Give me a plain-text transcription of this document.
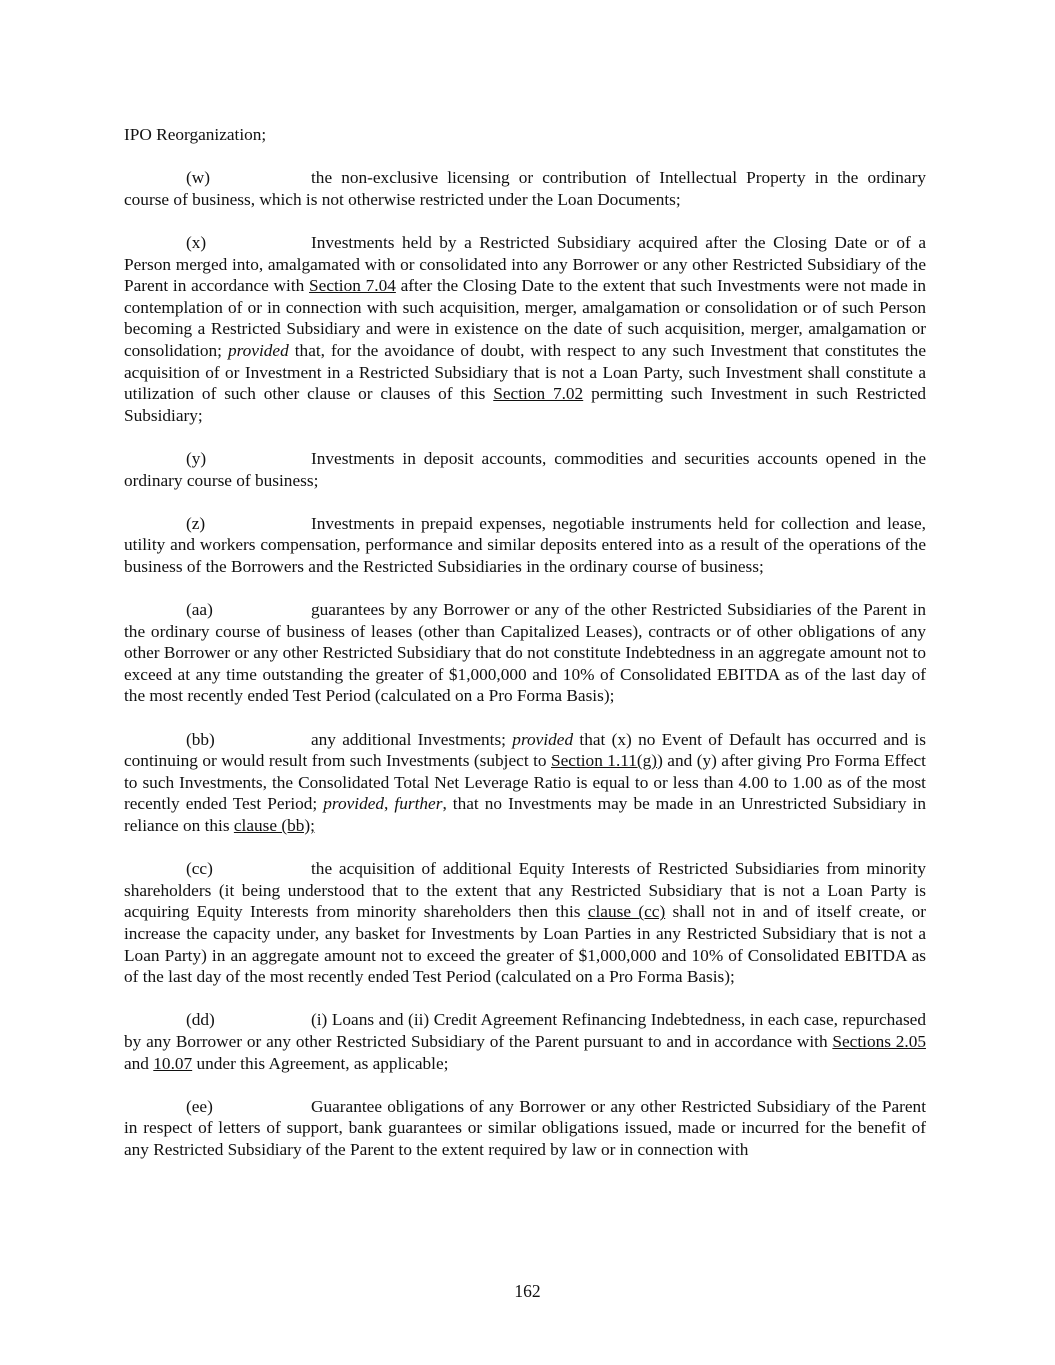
IPO Reorganization;

(w)	the non-exclusive licensing or contribution of Intellectual Property in the ordinary course of business, which is not otherwise restricted under the Loan Documents;

(x)	Investments held by a Restricted Subsidiary acquired after the Closing Date or of a Person merged into, amalgamated with or consolidated into any Borrower or any other Restricted Subsidiary of the Parent in accordance with Section 7.04 after the Closing Date to the extent that such Investments were not made in contemplation of or in connection with such acquisition, merger, amalgamation or consolidation or of such Person becoming a Restricted Subsidiary and were in existence on the date of such acquisition, merger, amalgamation or consolidation; provided that, for the avoidance of doubt, with respect to any such Investment that constitutes the acquisition of or Investment in a Restricted Subsidiary that is not a Loan Party, such Investment shall constitute a utilization of such other clause or clauses of this Section 7.02 permitting such Investment in such Restricted Subsidiary;

(y)	Investments in deposit accounts, commodities and securities accounts opened in the ordinary course of business;

(z)	Investments in prepaid expenses, negotiable instruments held for collection and lease, utility and workers compensation, performance and similar deposits entered into as a result of the operations of the business of the Borrowers and the Restricted Subsidiaries in the ordinary course of business;

(aa)	guarantees by any Borrower or any of the other Restricted Subsidiaries of the Parent in the ordinary course of business of leases (other than Capitalized Leases), contracts or of other obligations of any other Borrower or any other Restricted Subsidiary that do not constitute Indebtedness in an aggregate amount not to exceed at any time outstanding the greater of $1,000,000 and 10% of Consolidated EBITDA as of the last day of the most recently ended Test Period (calculated on a Pro Forma Basis);

(bb)	any additional Investments; provided that (x) no Event of Default has occurred and is continuing or would result from such Investments (subject to Section 1.11(g)) and (y) after giving Pro Forma Effect to such Investments, the Consolidated Total Net Leverage Ratio is equal to or less than 4.00 to 1.00 as of the most recently ended Test Period; provided, further, that no Investments may be made in an Unrestricted Subsidiary in reliance on this clause (bb);

(cc)	the acquisition of additional Equity Interests of Restricted Subsidiaries from minority shareholders (it being understood that to the extent that any Restricted Subsidiary that is not a Loan Party is acquiring Equity Interests from minority shareholders then this clause (cc) shall not in and of itself create, or increase the capacity under, any basket for Investments by Loan Parties in any Restricted Subsidiary that is not a Loan Party) in an aggregate amount not to exceed the greater of $1,000,000 and 10% of Consolidated EBITDA as of the last day of the most recently ended Test Period (calculated on a Pro Forma Basis);

(dd)	(i) Loans and (ii) Credit Agreement Refinancing Indebtedness, in each case, repurchased by any Borrower or any other Restricted Subsidiary of the Parent pursuant to and in accordance with Sections 2.05 and 10.07 under this Agreement, as applicable;

(ee)	Guarantee obligations of any Borrower or any other Restricted Subsidiary of the Parent in respect of letters of support, bank guarantees or similar obligations issued, made or incurred for the benefit of any Restricted Subsidiary of the Parent to the extent required by law or in connection with

162
